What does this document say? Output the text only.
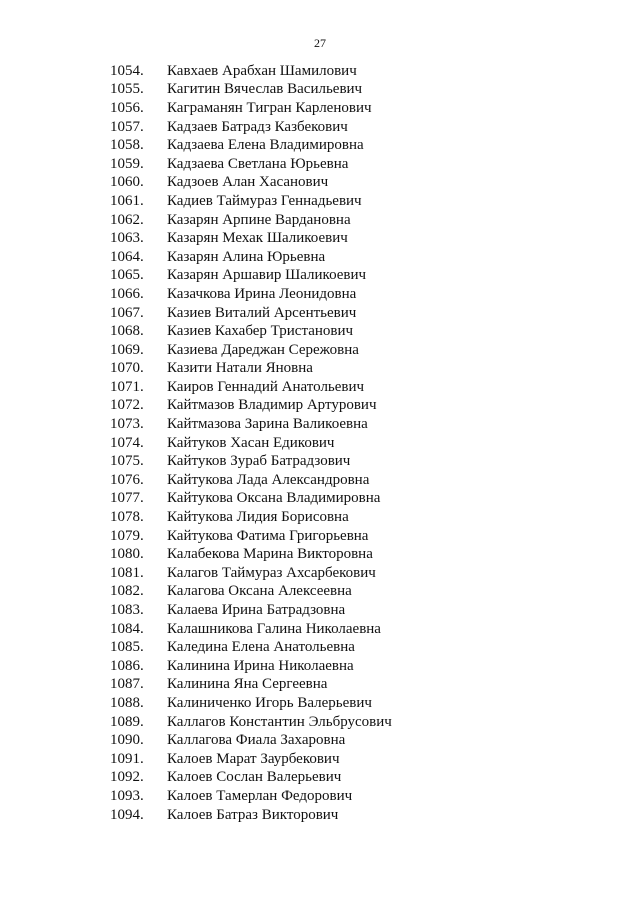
27
1054.	Кавхаев Арабхан Шамилович
1055.	Кагитин Вячеслав Васильевич
1056.	Каграманян Тигран Карленович
1057.	Кадзаев Батрадз Казбекович
1058.	Кадзаева Елена Владимировна
1059.	Кадзаева Светлана Юрьевна
1060.	Кадзоев Алан Хасанович
1061.	Кадиев Таймураз Геннадьевич
1062.	Казарян Арпине Вардановна
1063.	Казарян Мехак Шаликоевич
1064.	Казарян Алина Юрьевна
1065.	Казарян Аршавир Шаликоевич
1066.	Казачкова Ирина Леонидовна
1067.	Казиев Виталий Арсентьевич
1068.	Казиев Кахабер Тристанович
1069.	Казиева Дареджан Сережовна
1070.	Казити Натали Яновна
1071.	Каиров Геннадий Анатольевич
1072.	Кайтмазов Владимир Артурович
1073.	Кайтмазова Зарина Валикоевна
1074.	Кайтуков Хасан Едикович
1075.	Кайтуков Зураб Батрадзович
1076.	Кайтукова Лада Александровна
1077.	Кайтукова Оксана Владимировна
1078.	Кайтукова Лидия Борисовна
1079.	Кайтукова Фатима Григорьевна
1080.	Калабекова Марина Викторовна
1081.	Калагов Таймураз Ахсарбекович
1082.	Калагова Оксана Алексеевна
1083.	Калаева Ирина Батрадзовна
1084.	Калашникова Галина Николаевна
1085.	Каледина Елена Анатольевна
1086.	Калинина Ирина Николаевна
1087.	Калинина Яна Сергеевна
1088.	Калиниченко Игорь Валерьевич
1089.	Каллагов Константин Эльбрусович
1090.	Каллагова Фиала Захаровна
1091.	Калоев Марат Заурбекович
1092.	Калоев Сослан Валерьевич
1093.	Калоев Тамерлан Федорович
1094.	Калоев Батраз Викторович
